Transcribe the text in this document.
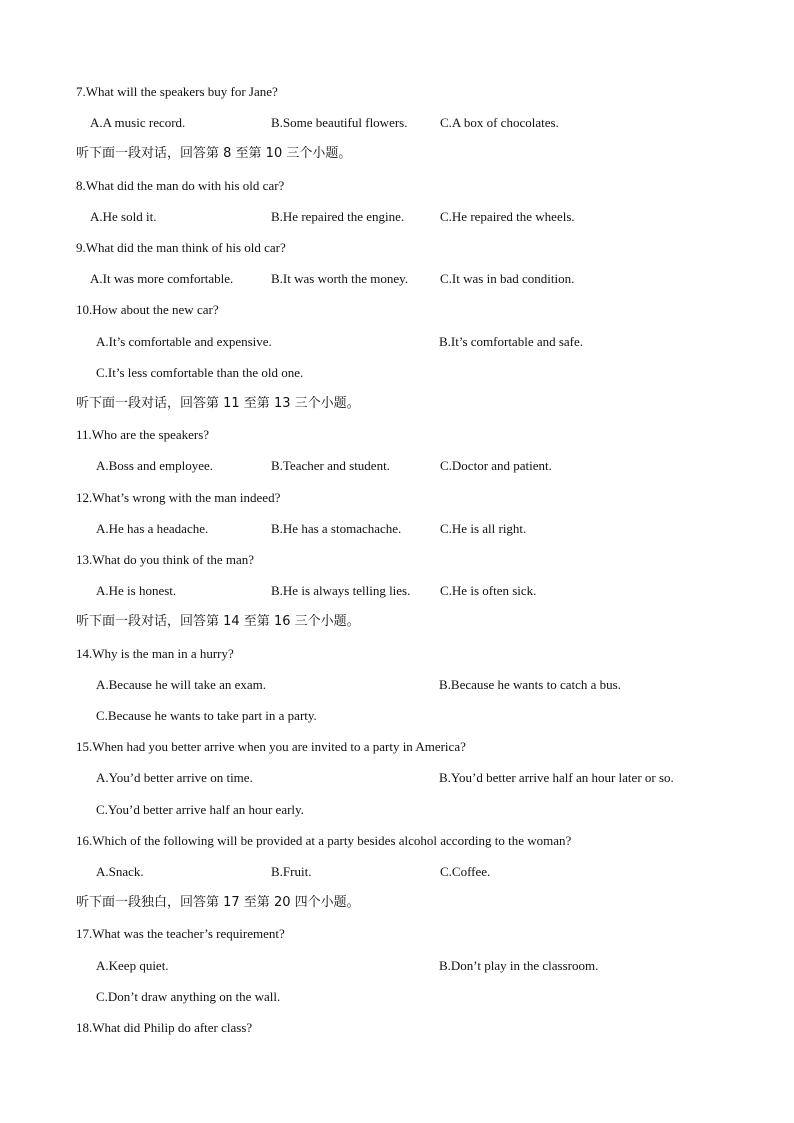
7.What will the speakers buy for Jane?
A.A music record.	B.Some beautiful flowers.	C.A box of chocolates.
听下面一段对话，回答第 8 至第 10 三个小题。
8.What did the man do with his old car?
A.He sold it.	B.He repaired the engine.	C.He repaired the wheels.
9.What did the man think of his old car?
A.It was more comfortable.	B.It was worth the money. C.It was in bad condition.
10.How about the new car?
A.It’s comfortable and expensive.	B.It’s comfortable and safe.
C.It’s less comfortable than the old one.
听下面一段对话，回答第 11 至第 13 三个小题。
11.Who are the speakers?
A.Boss and employee.	B.Teacher and student.	C.Doctor and patient.
12.What’s wrong with the man indeed?
A.He has a headache.	B.He has a stomachache.	C.He is all right.
13.What do you think of the man?
A.He is honest.	B.He is always telling lies. C.He is often sick.
听下面一段对话，回答第 14 至第 16 三个小题。
14.Why is the man in a hurry?
A.Because he will take an exam.	B.Because he wants to catch a bus.
C.Because he wants to take part in a party.
15.When had you better arrive when you are invited to a party in America?
A.You’d better arrive on time.	B.You’d better arrive half an hour later or so.
C.You’d better arrive half an hour early.
16.Which of the following will be provided at a party besides alcohol according to the woman?
A.Snack.	B.Fruit.	C.Coffee.
听下面一段独白，回答第 17 至第 20 四个小题。
17.What was the teacher’s requirement?
A.Keep quiet.	B.Don’t play in the classroom.
C.Don’t draw anything on the wall.
18.What did Philip do after class?
